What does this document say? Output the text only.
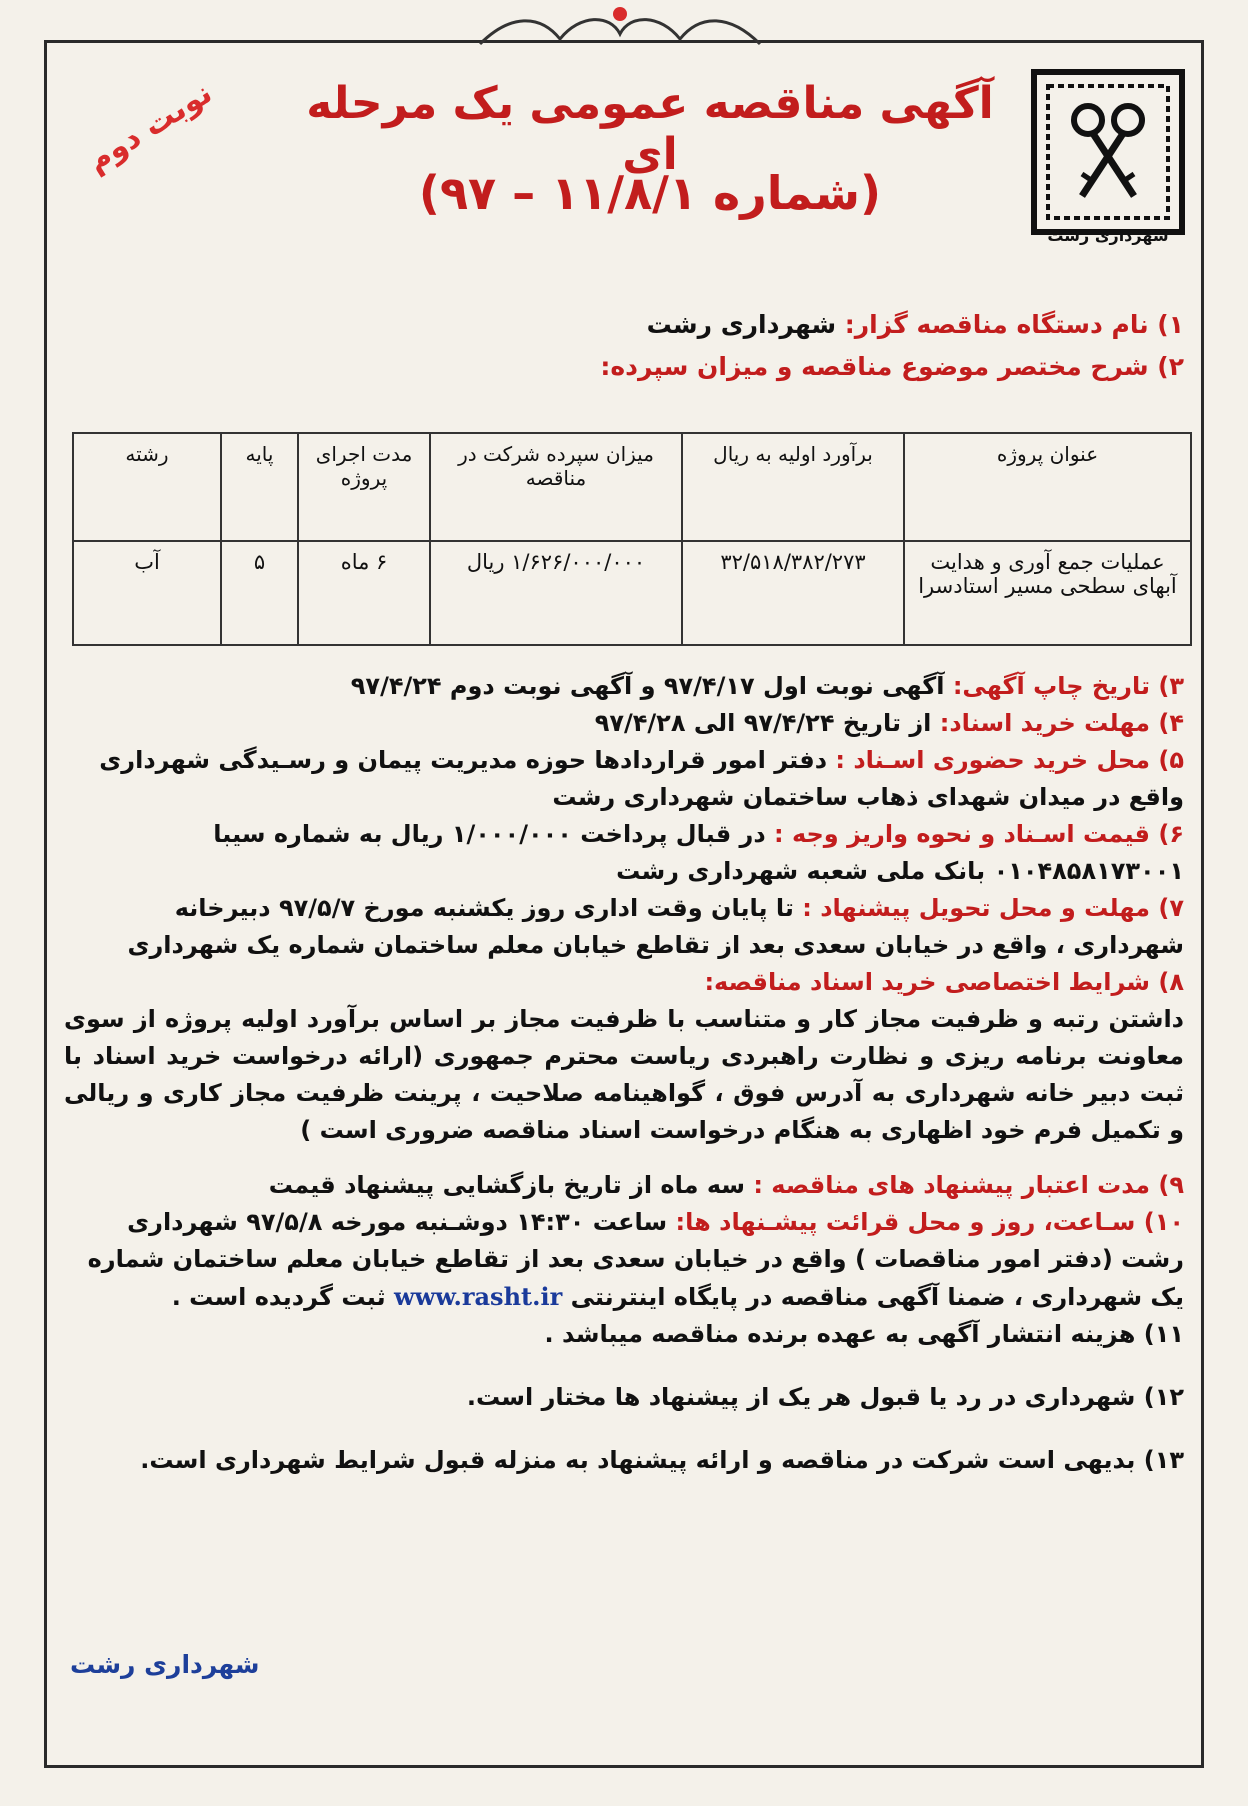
شهرداری رشت
نوبت دوم آگهی مناقصه عمومی یک مرحله ای
(شماره ۱۱/۸/۱ – ۹۷)
۱) نام دستگاه مناقصه گزار: شهرداری رشت
۲) شرح مختصر موضوع مناقصه و میزان سپرده:
عنوان پروژه	برآورد اولیه به ریال	میزان سپرده شرکت در مناقصه	مدت اجرای پروژه	پایه	رشته
عملیات جمع آوری و هدایت آبهای سطحی مسیر استادسرا	۳۲/۵۱۸/۳۸۲/۲۷۳	۱/۶۲۶/۰۰۰/۰۰۰ ریال	۶ ماه	۵	آب

۳) تاریخ چاپ آگهی: آگهی نوبت اول ۹۷/۴/۱۷ و آگهی نوبت دوم ۹۷/۴/۲۴

۴) مهلت خرید اسناد: از تاریخ ۹۷/۴/۲۴ الی ۹۷/۴/۲۸

۵) محل خرید حضوری اسـناد : دفتر امور قراردادها حوزه مدیریت پیمان و رسـیدگی شهرداری واقع در میدان شهدای ذهاب ساختمان شهرداری رشت

۶) قیمت اسـناد و نحوه واریز وجه : در قبال پرداخت ۱/۰۰۰/۰۰۰ ریال به شماره سیبا ۰۱۰۴۸۵۸۱۷۳۰۰۱ بانک ملی شعبه شهرداری رشت

۷) مهلت و محل تحویل پیشنهاد : تا پایان وقت اداری روز یکشنبه مورخ ۹۷/۵/۷ دبیرخانه شهرداری ، واقع در خیابان سعدی بعد از تقاطع خیابان معلم ساختمان شماره یک شهرداری

۸) شرایط اختصاصی خرید اسناد مناقصه:

داشتن رتبه و ظرفیت مجاز کار و متناسب با ظرفیت مجاز بر اساس برآورد اولیه پروژه از سوی معاونت برنامه ریزی و نظارت راهبردی ریاست محترم جمهوری (ارائه درخواست خرید اسناد با ثبت دبیر خانه شهرداری به آدرس فوق ، گواهینامه صلاحیت ، پرینت ظرفیت مجاز کاری و ریالی و تکمیل فرم خود اظهاری به هنگام درخواست اسناد مناقصه ضروری است )

۹) مدت اعتبار پیشنهاد های مناقصه : سه ماه از تاریخ بازگشایی پیشنهاد قیمت

۱۰) سـاعت، روز و محل قرائت پیشـنهاد ها: ساعت ۱۴:۳۰ دوشـنبه مورخه ۹۷/۵/۸ شهرداری رشت (دفتر امور مناقصات ) واقع در خیابان سعدی بعد از تقاطع خیابان معلم ساختمان شماره یک شهرداری ، ضمنا آگهی مناقصه در پایگاه اینترنتی www.rasht.ir ثبت گردیده است .

۱۱) هزینه انتشار آگهی به عهده برنده مناقصه میباشد .

۱۲) شهرداری در رد یا قبول هر یک از پیشنهاد ها مختار است.

۱۳) بدیهی است شرکت در مناقصه و ارائه پیشنهاد به منزله قبول شرایط شهرداری است.

شهرداری رشت
